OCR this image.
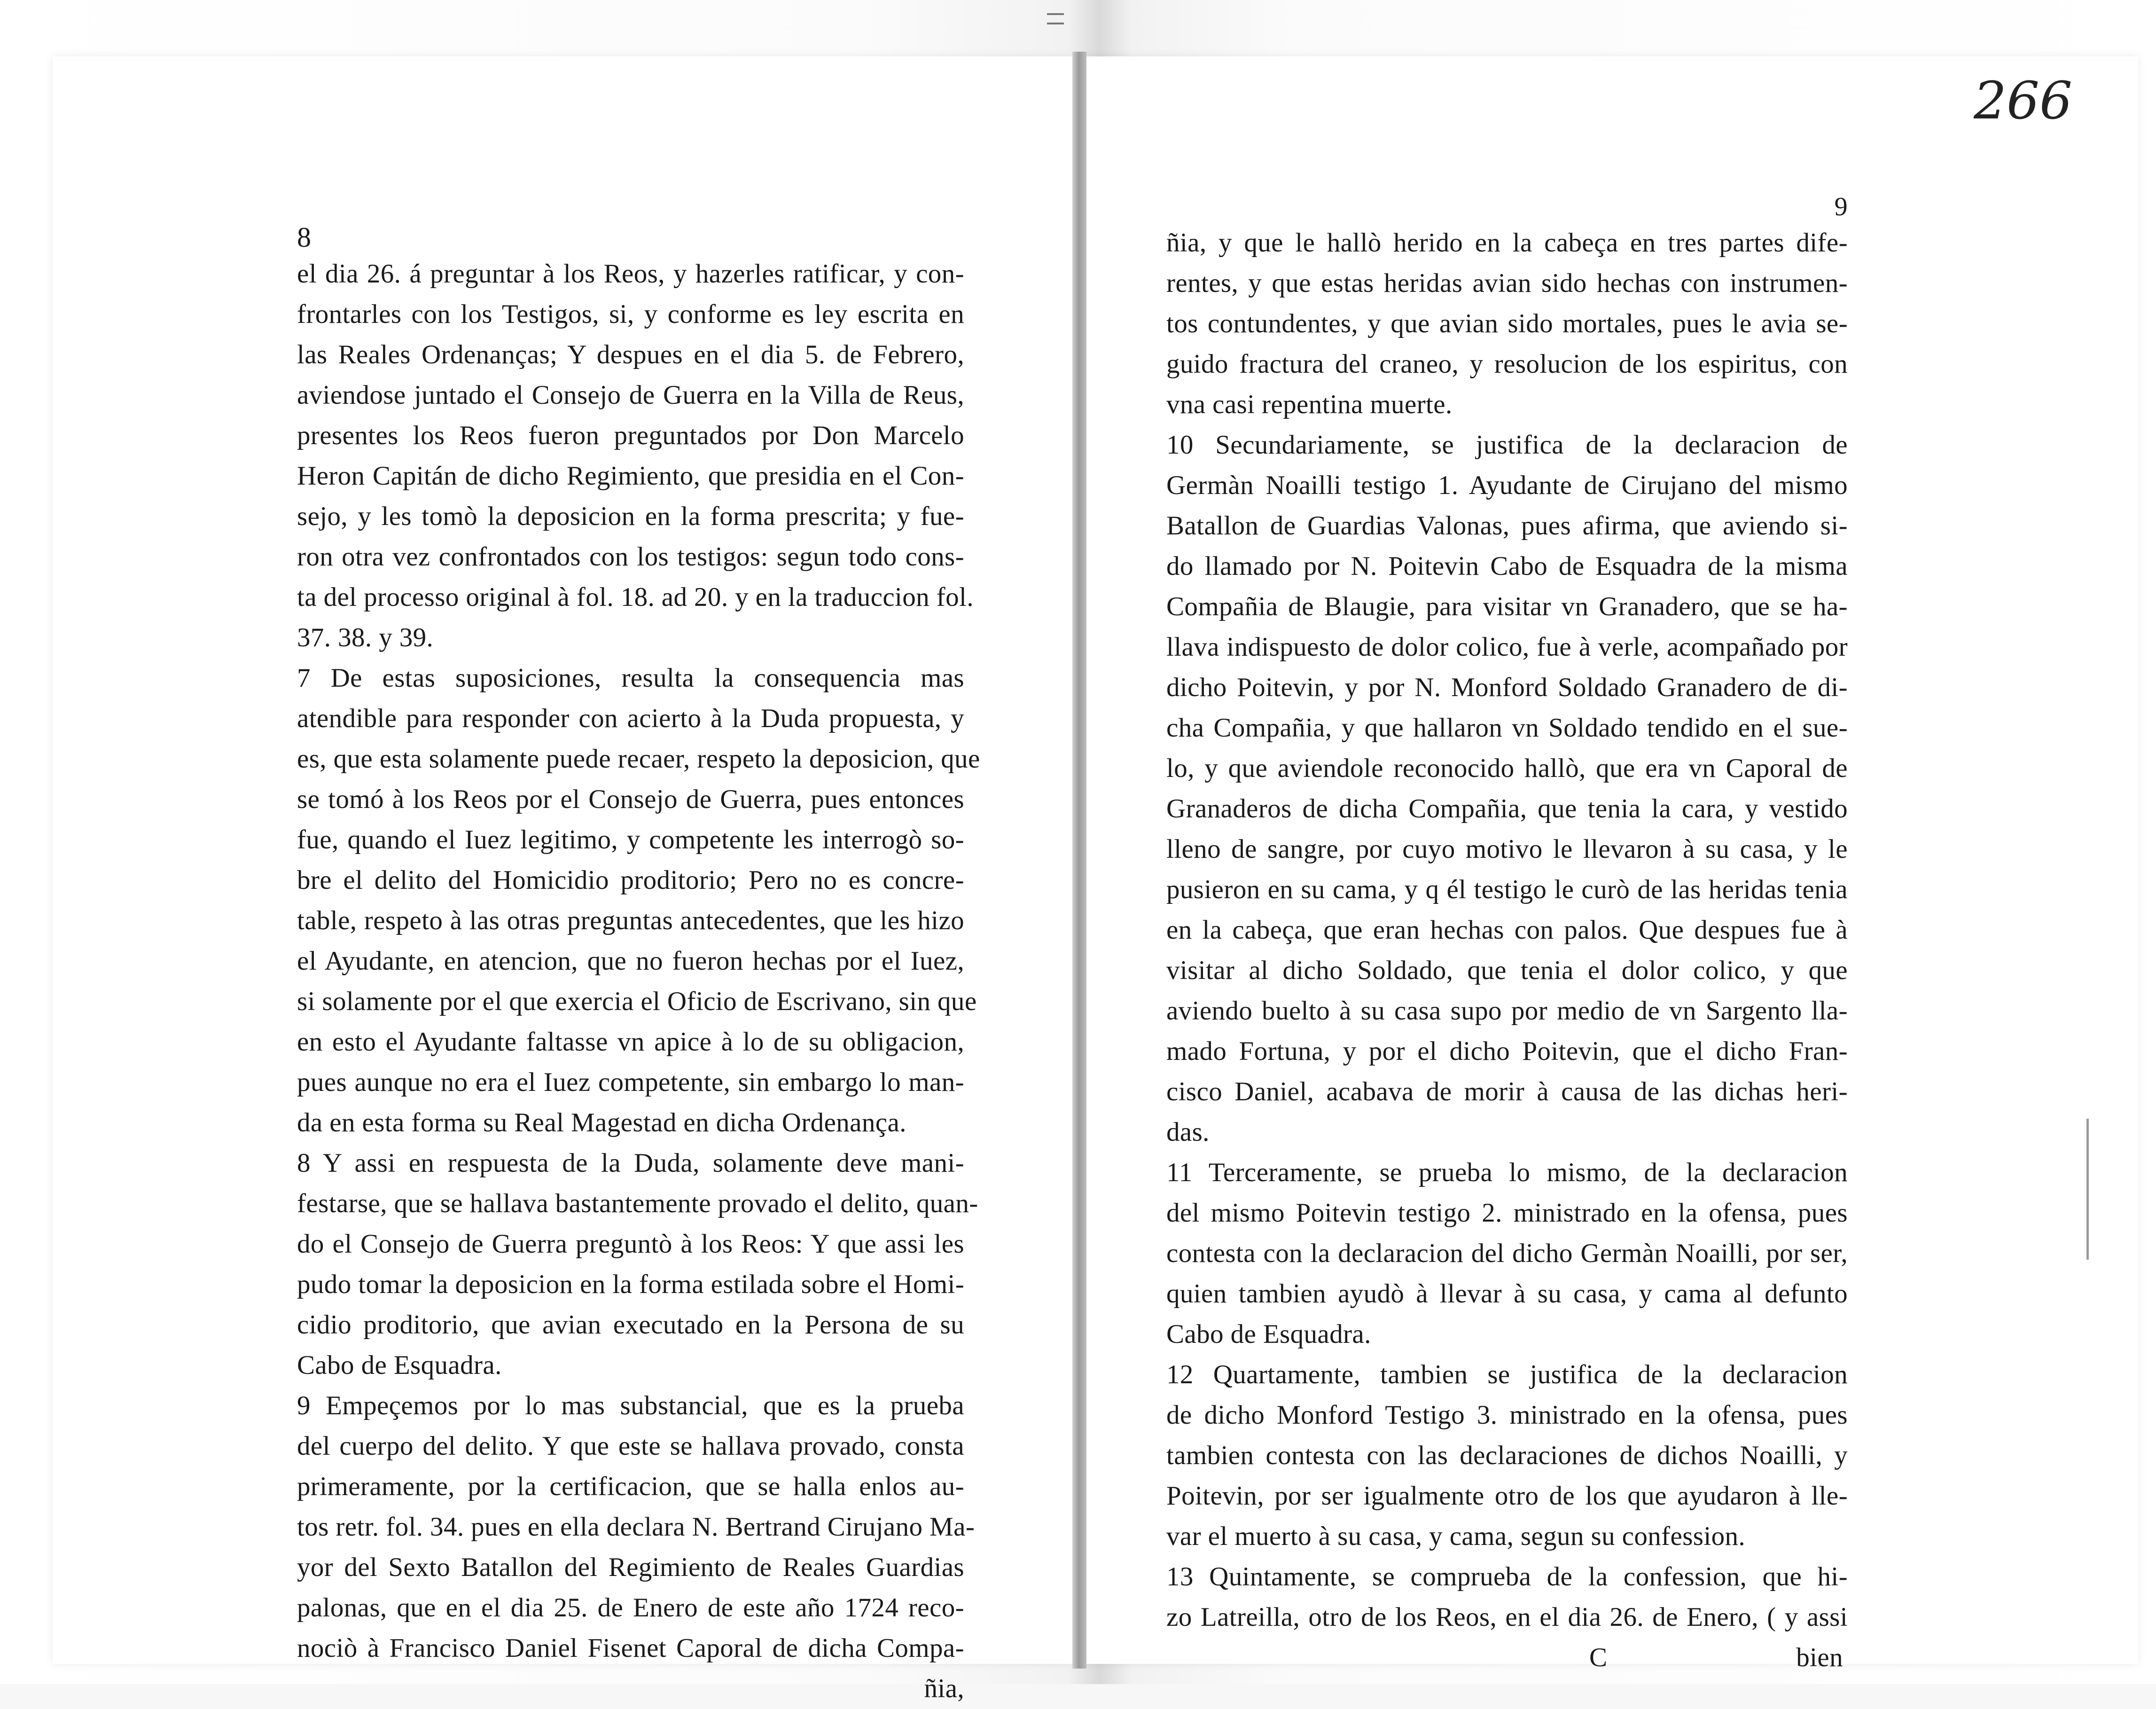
266
8
el dia 26. á preguntar à los Reos, y hazerles ratificar, y con-
frontarles con los Testigos, si, y conforme es ley escrita en
las Reales Ordenanças; Y despues en el dia 5. de Febrero,
aviendose juntado el Consejo de Guerra en la Villa de Reus,
presentes los Reos fueron preguntados por Don Marcelo
Heron Capitán de dicho Regimiento, que presidia en el Con-
sejo, y les tomò la deposicion en la forma prescrita; y fue-
ron otra vez confrontados con los testigos: segun todo cons-
ta del processo original à fol. 18. ad 20. y en la traduccion fol.
37. 38. y 39.
7 De estas suposiciones, resulta la consequencia mas
atendible para responder con acierto à la Duda propuesta, y
es, que esta solamente puede recaer, respeto la deposicion, que
se tomó à los Reos por el Consejo de Guerra, pues entonces
fue, quando el Iuez legitimo, y competente les interrogò so-
bre el delito del Homicidio proditorio; Pero no es concre-
table, respeto à las otras preguntas antecedentes, que les hizo
el Ayudante, en atencion, que no fueron hechas por el Iuez,
si solamente por el que exercia el Oficio de Escrivano, sin que
en esto el Ayudante faltasse vn apice à lo de su obligacion,
pues aunque no era el Iuez competente, sin embargo lo man-
da en esta forma su Real Magestad en dicha Ordenança.
8 Y assi en respuesta de la Duda, solamente deve mani-
festarse, que se hallava bastantemente provado el delito, quan-
do el Consejo de Guerra preguntò à los Reos: Y que assi les
pudo tomar la deposicion en la forma estilada sobre el Homi-
cidio proditorio, que avian executado en la Persona de su
Cabo de Esquadra.
9 Empeçemos por lo mas substancial, que es la prueba
del cuerpo del delito. Y que este se hallava provado, consta
primeramente, por la certificacion, que se halla enlos au-
tos retr. fol. 34. pues en ella declara N. Bertrand Cirujano Ma-
yor del Sexto Batallon del Regimiento de Reales Guardias
palonas, que en el dia 25. de Enero de este año 1724 reco-
nociò à Francisco Daniel Fisenet Caporal de dicha Compa-
ñia,
9
ñia, y que le hallò herido en la cabeça en tres partes dife-
rentes, y que estas heridas avian sido hechas con instrumen-
tos contundentes, y que avian sido mortales, pues le avia se-
guido fractura del craneo, y resolucion de los espiritus, con
vna casi repentina muerte.
10 Secundariamente, se justifica de la declaracion de
Germàn Noailli testigo 1. Ayudante de Cirujano del mismo
Batallon de Guardias Valonas, pues afirma, que aviendo si-
do llamado por N. Poitevin Cabo de Esquadra de la misma
Compañia de Blaugie, para visitar vn Granadero, que se ha-
llava indispuesto de dolor colico, fue à verle, acompañado por
dicho Poitevin, y por N. Monford Soldado Granadero de di-
cha Compañia, y que hallaron vn Soldado tendido en el sue-
lo, y que aviendole reconocido hallò, que era vn Caporal de
Granaderos de dicha Compañia, que tenia la cara, y vestido
lleno de sangre, por cuyo motivo le llevaron à su casa, y le
pusieron en su cama, y q él testigo le curò de las heridas tenia
en la cabeça, que eran hechas con palos. Que despues fue à
visitar al dicho Soldado, que tenia el dolor colico, y que
aviendo buelto à su casa supo por medio de vn Sargento lla-
mado Fortuna, y por el dicho Poitevin, que el dicho Fran-
cisco Daniel, acabava de morir à causa de las dichas heri-
das.
11 Terceramente, se prueba lo mismo, de la declaracion
del mismo Poitevin testigo 2. ministrado en la ofensa, pues
contesta con la declaracion del dicho Germàn Noailli, por ser,
quien tambien ayudò à llevar à su casa, y cama al defunto
Cabo de Esquadra.
12 Quartamente, tambien se justifica de la declaracion
de dicho Monford Testigo 3. ministrado en la ofensa, pues
tambien contesta con las declaraciones de dichos Noailli, y
Poitevin, por ser igualmente otro de los que ayudaron à lle-
var el muerto à su casa, y cama, segun su confession.
13 Quintamente, se comprueba de la confession, que hi-
zo Latreilla, otro de los Reos, en el dia 26. de Enero, ( y assi
C	bien
